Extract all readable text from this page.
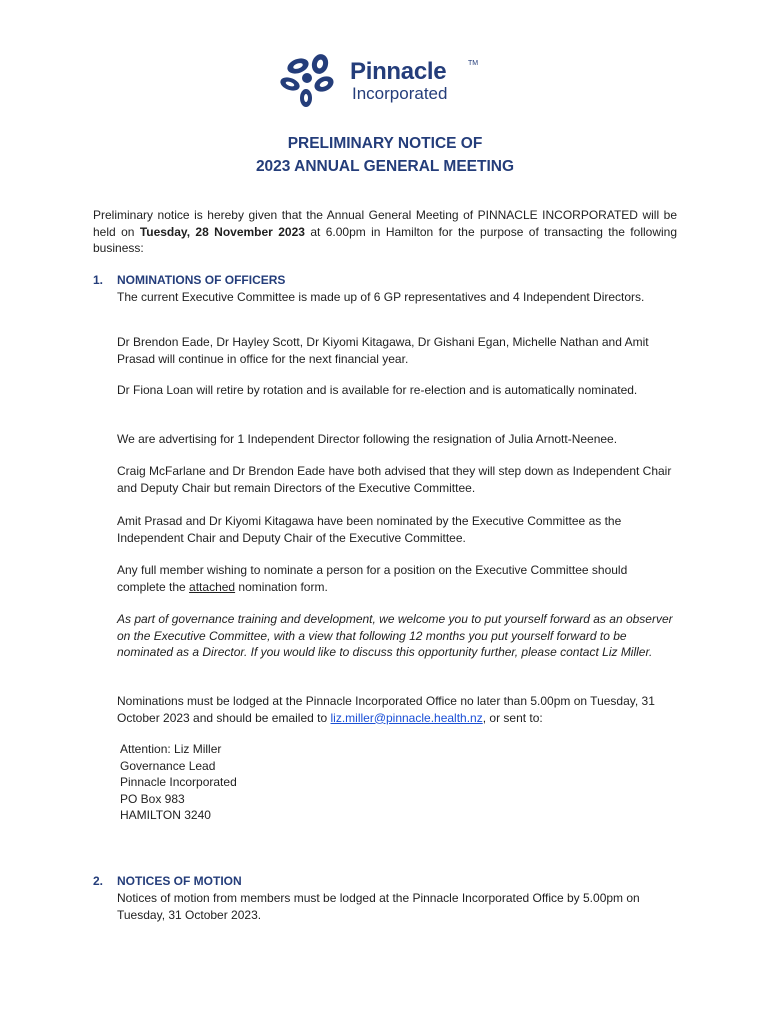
Pinnacle	TM
Incorporated
PRELIMINARY NOTICE OF
2023 ANNUAL GENERAL MEETING

Preliminary notice is hereby given that the Annual General Meeting of PINNACLE INCORPORATED will be held on Tuesday, 28 November 2023 at 6.00pm in Hamilton for the purpose of transacting the following business:

1. NOMINATIONS OF OFFICERS

The current Executive Committee is made up of 6 GP representatives and 4 Independent Directors.

Dr Brendon Eade, Dr Hayley Scott, Dr Kiyomi Kitagawa, Dr Gishani Egan, Michelle Nathan and Amit Prasad will continue in office for the next financial year.

Dr Fiona Loan will retire by rotation and is available for re-election and is automatically nominated.

We are advertising for 1 Independent Director following the resignation of Julia Arnott-Neenee.

Craig McFarlane and Dr Brendon Eade have both advised that they will step down as Independent Chair and Deputy Chair but remain Directors of the Executive Committee.

Amit Prasad and Dr Kiyomi Kitagawa have been nominated by the Executive Committee as the Independent Chair and Deputy Chair of the Executive Committee.

Any full member wishing to nominate a person for a position on the Executive Committee should complete the attached nomination form.

As part of governance training and development, we welcome you to put yourself forward as an observer on the Executive Committee, with a view that following 12 months you put yourself forward to be nominated as a Director. If you would like to discuss this opportunity further, please contact Liz Miller.

Nominations must be lodged at the Pinnacle Incorporated Office no later than 5.00pm on Tuesday, 31 October 2023 and should be emailed to liz.miller@pinnacle.health.nz, or sent to:

Attention: Liz Miller
Governance Lead
Pinnacle Incorporated
PO Box 983
HAMILTON 3240
2. NOTICES OF MOTION

Notices of motion from members must be lodged at the Pinnacle Incorporated Office by 5.00pm on Tuesday, 31 October 2023.
